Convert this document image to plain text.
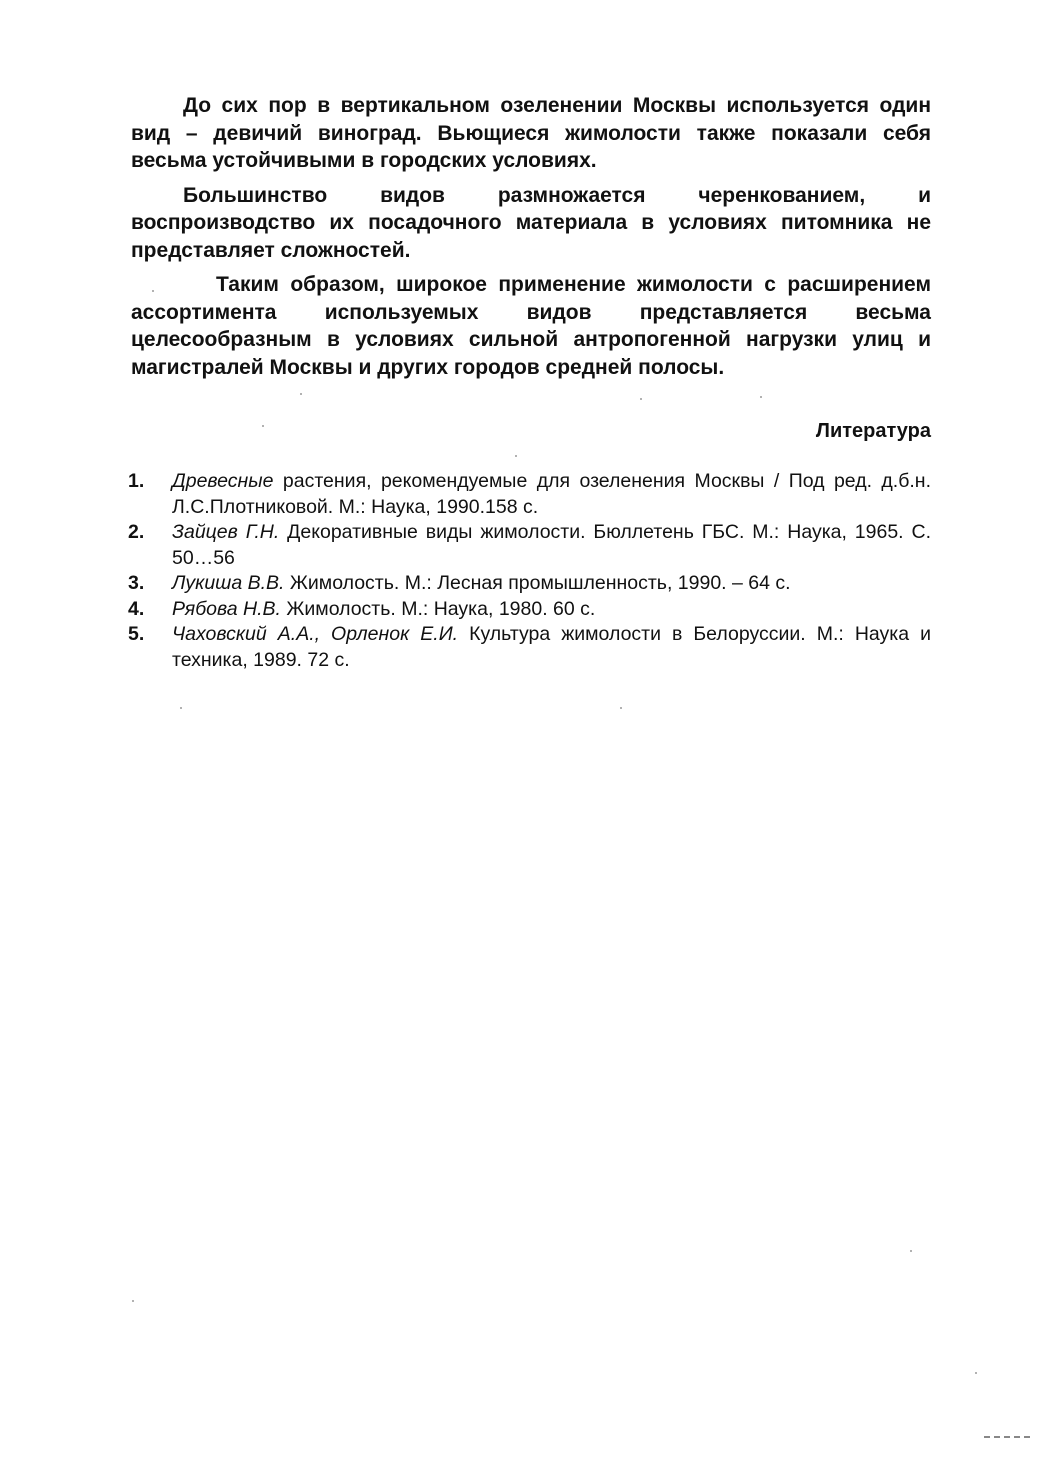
До сих пор в вертикальном озеленении Москвы используется один вид – девичий виноград. Вьющиеся жимолости также показали себя весьма устойчивыми в городских условиях.

Большинство видов размножается черенкованием, и воспроизводство их посадочного материала в условиях питомника не представляет сложностей.

Таким образом, широкое применение жимолости с расширением ассортимента используемых видов представляется весьма целесообразным в условиях сильной антропогенной нагрузки улиц и магистралей Москвы и других городов средней полосы.

Литература
1. Древесные растения, рекомендуемые для озеленения Москвы / Под ред. д.б.н. Л.С.Плотниковой. М.: Наука, 1990.158 с.
2. Зайцев Г.Н. Декоративные виды жимолости. Бюллетень ГБС. М.: Наука, 1965. С. 50…56
3. Лукиша В.В. Жимолость. М.: Лесная промышленность, 1990. – 64 с.
4. Рябова Н.В. Жимолость. М.: Наука, 1980. 60 с.
5. Чаховский А.А., Орленок Е.И. Культура жимолости в Белоруссии. М.: Наука и техника, 1989. 72 с.
